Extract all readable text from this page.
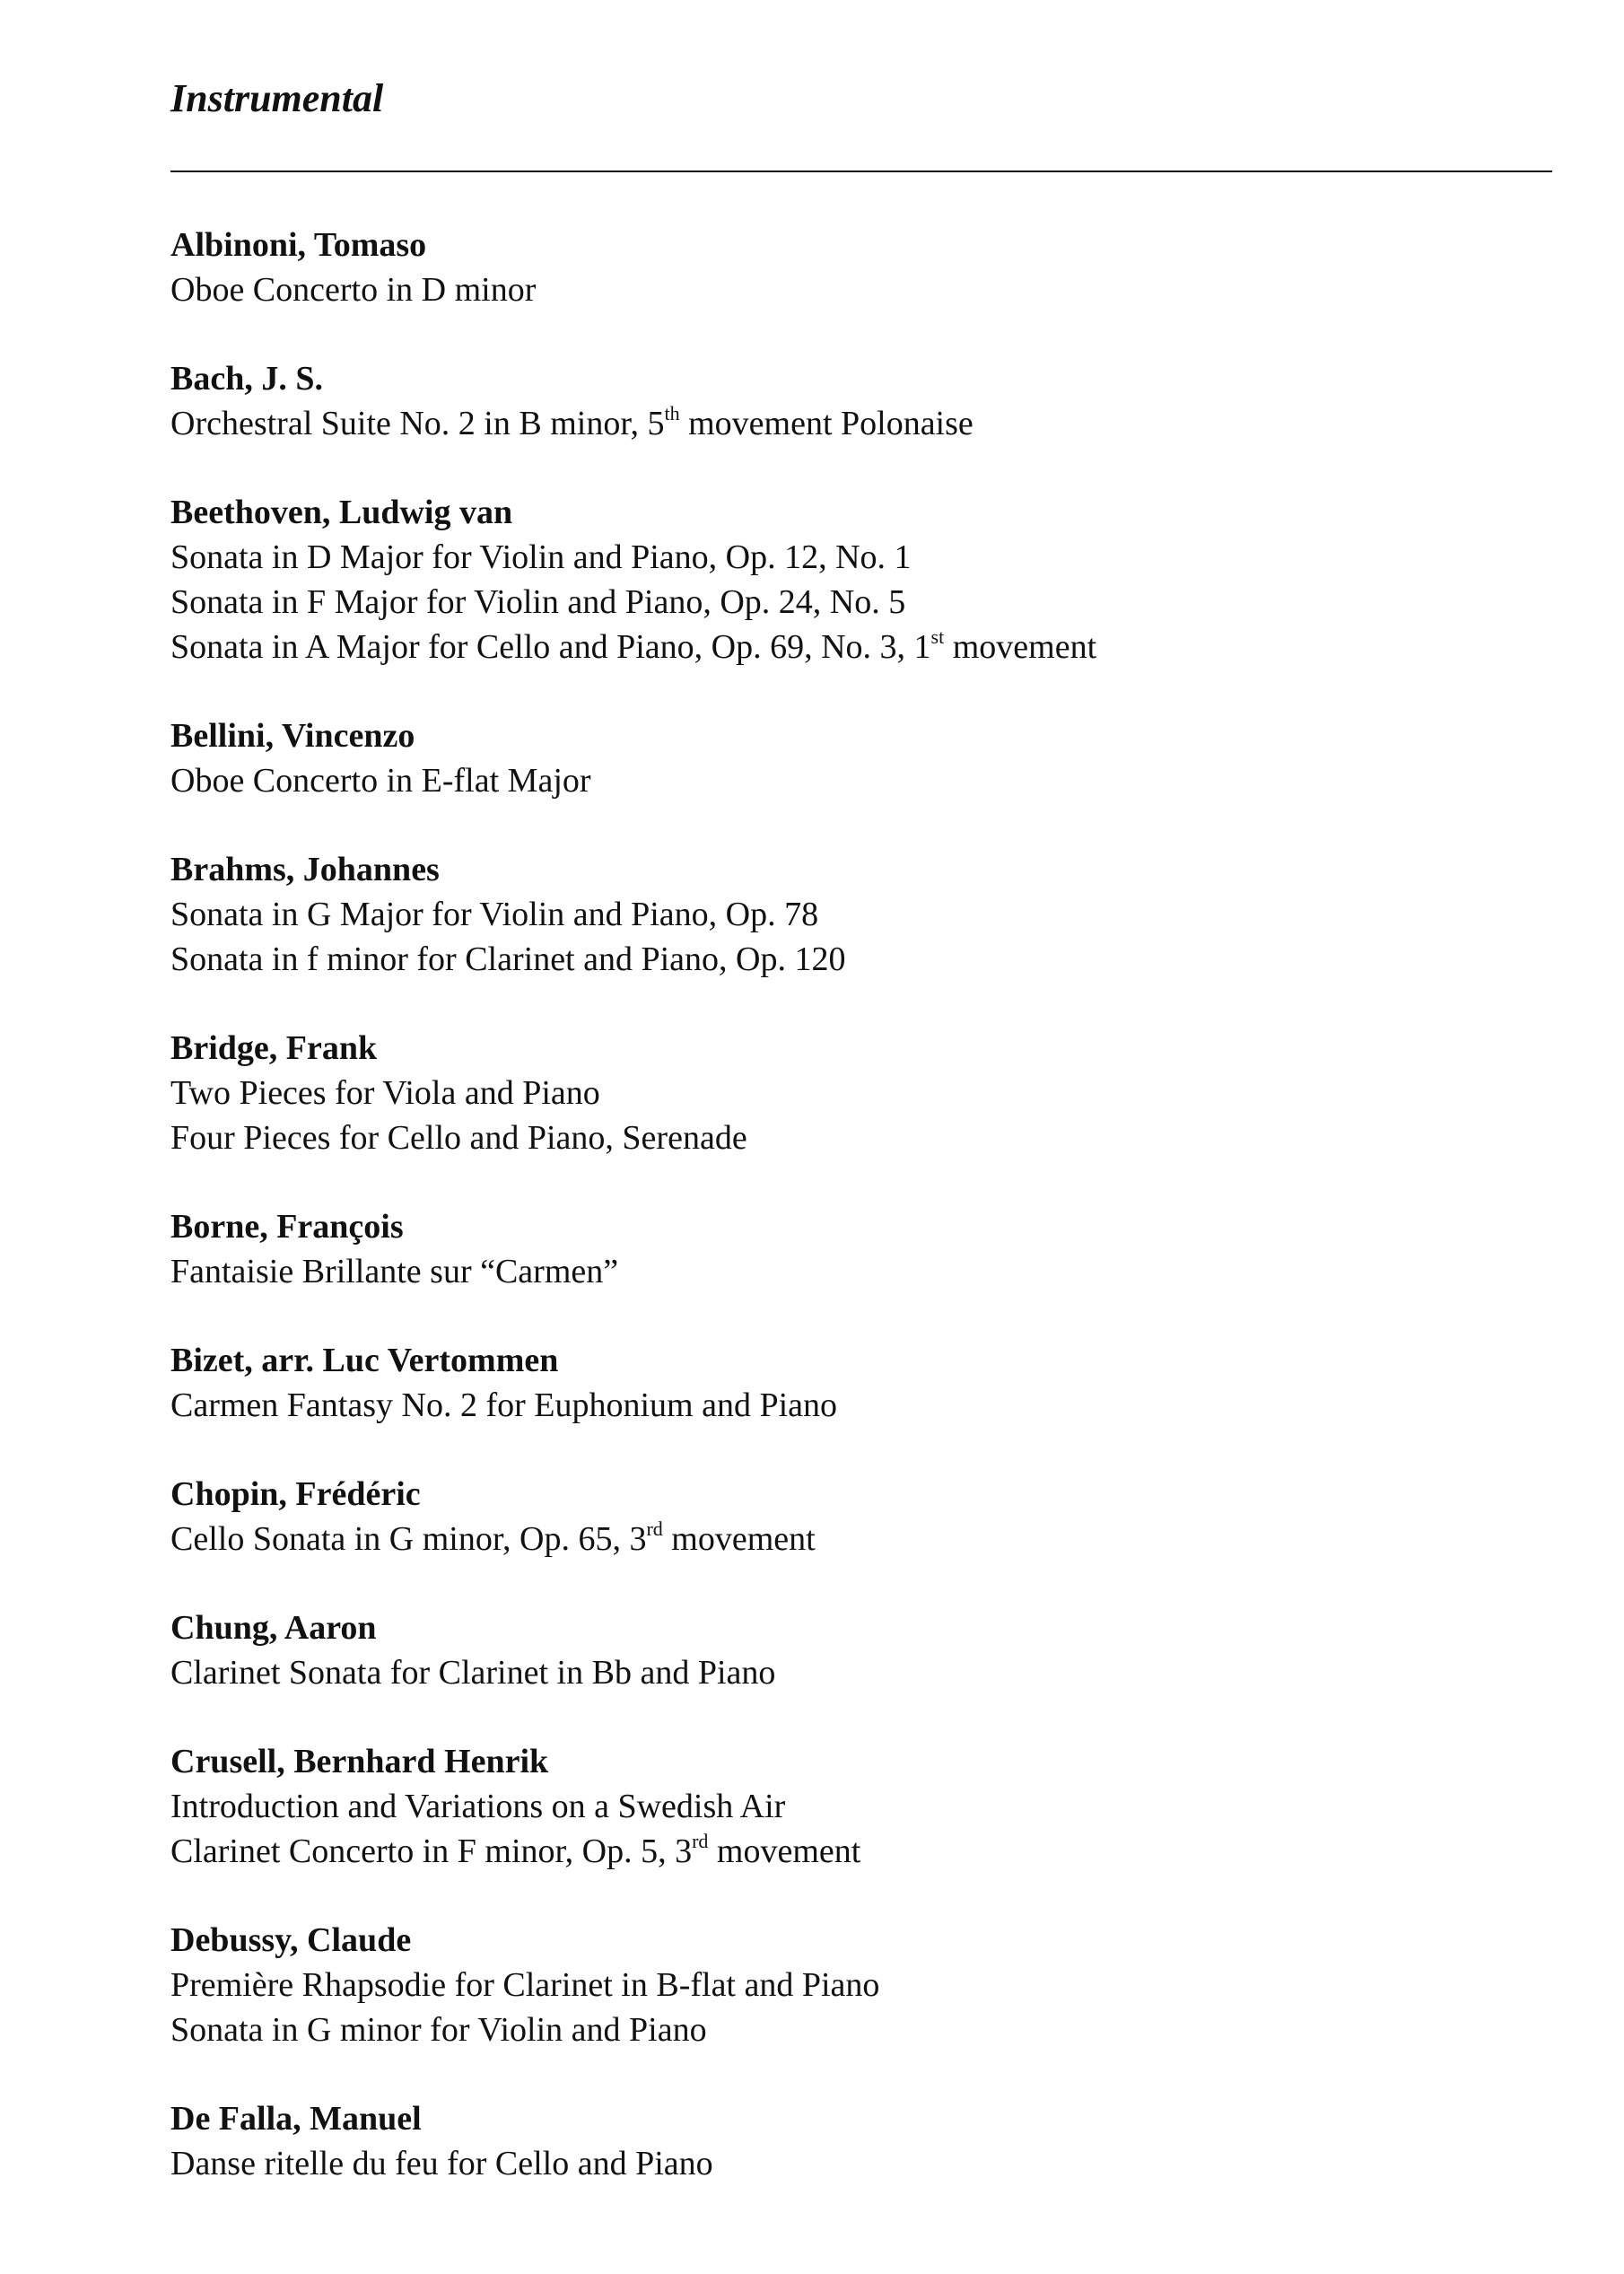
Instrumental
Albinoni, Tomaso
Oboe Concerto in D minor
Bach, J. S.
Orchestral Suite No. 2 in B minor, 5th movement Polonaise
Beethoven, Ludwig van
Sonata in D Major for Violin and Piano, Op. 12, No. 1
Sonata in F Major for Violin and Piano, Op. 24, No. 5
Sonata in A Major for Cello and Piano, Op. 69, No. 3, 1st movement
Bellini, Vincenzo
Oboe Concerto in E-flat Major
Brahms, Johannes
Sonata in G Major for Violin and Piano, Op. 78
Sonata in f minor for Clarinet and Piano, Op. 120
Bridge, Frank
Two Pieces for Viola and Piano
Four Pieces for Cello and Piano, Serenade
Borne, François
Fantaisie Brillante sur “Carmen”
Bizet, arr. Luc Vertommen
Carmen Fantasy No. 2 for Euphonium and Piano
Chopin, Frédéric
Cello Sonata in G minor, Op. 65, 3rd movement
Chung, Aaron
Clarinet Sonata for Clarinet in Bb and Piano
Crusell, Bernhard Henrik
Introduction and Variations on a Swedish Air
Clarinet Concerto in F minor, Op. 5, 3rd movement
Debussy, Claude
Première Rhapsodie for Clarinet in B-flat and Piano
Sonata in G minor for Violin and Piano
De Falla, Manuel
Danse ritelle du feu for Cello and Piano
